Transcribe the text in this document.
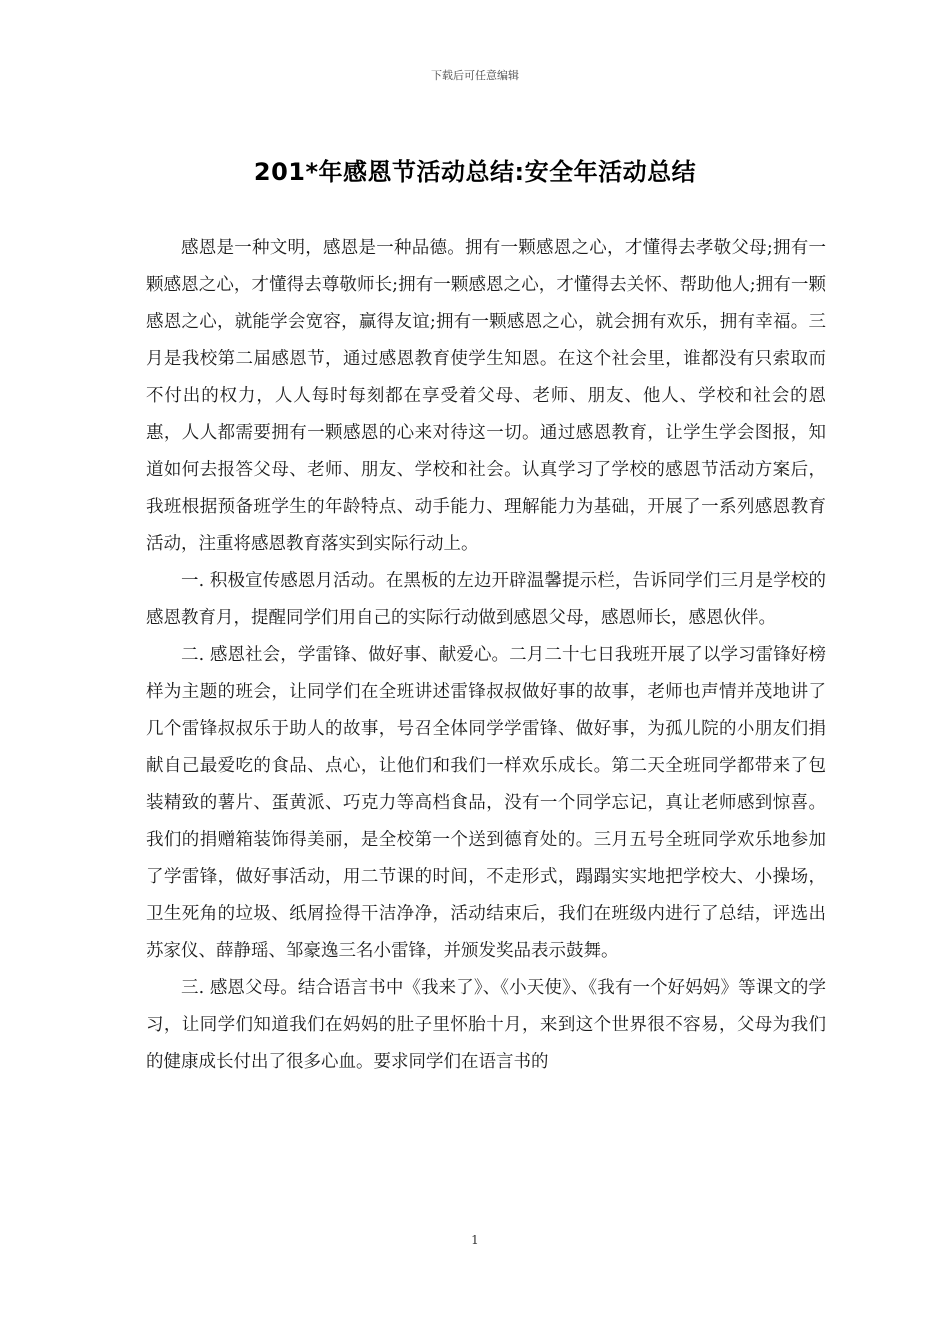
下载后可任意编辑
201*年感恩节活动总结:安全年活动总结

感恩是一种文明，感恩是一种品德。拥有一颗感恩之心，才懂得去孝敬父母;拥有一颗感恩之心，才懂得去尊敬师长;拥有一颗感恩之心，才懂得去关怀、帮助他人;拥有一颗感恩之心，就能学会宽容，赢得友谊;拥有一颗感恩之心，就会拥有欢乐，拥有幸福。三月是我校第二届感恩节，通过感恩教育使学生知恩。在这个社会里，谁都没有只索取而不付出的权力，人人每时每刻都在享受着父母、老师、朋友、他人、学校和社会的恩惠，人人都需要拥有一颗感恩的心来对待这一切。通过感恩教育，让学生学会图报，知道如何去报答父母、老师、朋友、学校和社会。认真学习了学校的感恩节活动方案后，我班根据预备班学生的年龄特点、动手能力、理解能力为基础，开展了一系列感恩教育活动，注重将感恩教育落实到实际行动上。

一. 积极宣传感恩月活动。在黑板的左边开辟温馨提示栏，告诉同学们三月是学校的感恩教育月，提醒同学们用自己的实际行动做到感恩父母，感恩师长，感恩伙伴。

二. 感恩社会，学雷锋、做好事、献爱心。二月二十七日我班开展了以学习雷锋好榜样为主题的班会，让同学们在全班讲述雷锋叔叔做好事的故事，老师也声情并茂地讲了几个雷锋叔叔乐于助人的故事，号召全体同学学雷锋、做好事，为孤儿院的小朋友们捐献自己最爱吃的食品、点心，让他们和我们一样欢乐成长。第二天全班同学都带来了包装精致的薯片、蛋黄派、巧克力等高档食品，没有一个同学忘记，真让老师感到惊喜。我们的捐赠箱装饰得美丽，是全校第一个送到德育处的。三月五号全班同学欢乐地参加了学雷锋，做好事活动，用二节课的时间，不走形式，蹋蹋实实地把学校大、小操场，卫生死角的垃圾、纸屑捡得干洁净净，活动结束后，我们在班级内进行了总结，评选出苏家仪、薛静瑶、邹豪逸三名小雷锋，并颁发奖品表示鼓舞。

三. 感恩父母。结合语言书中《我来了》、《小天使》、《我有一个好妈妈》等课文的学习，让同学们知道我们在妈妈的肚子里怀胎十月，来到这个世界很不容易，父母为我们的健康成长付出了很多心血。要求同学们在语言书的

1
